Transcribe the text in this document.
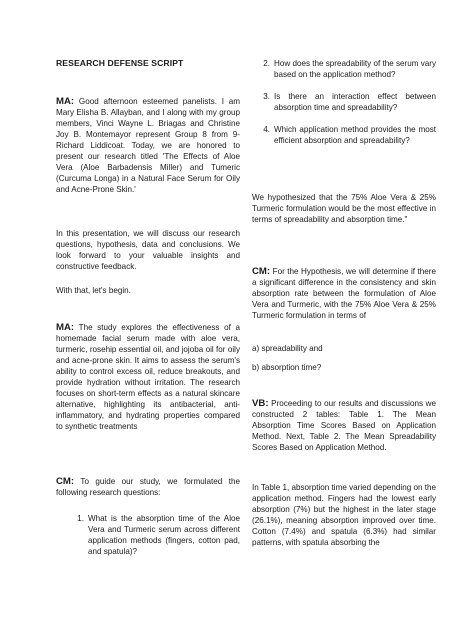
RESEARCH DEFENSE SCRIPT
MA: Good afternoon esteemed panelists. I am Mary Elisha B. Allayban, and I along with my group members, Vinci Wayne L. Briagas and Christine Joy B. Montemayor represent Group 8 from 9-Richard Liddicoat. Today, we are honored to present our research titled 'The Effects of Aloe Vera (Aloe Barbadensis Miller) and Tumeric (Curcuma Longa) in a Natural Face Serum for Oily and Acne-Prone Skin.'
In this presentation, we will discuss our research questions, hypothesis, data and conclusions. We look forward to your valuable insights and constructive feedback.
With that, let's begin.
MA: The study explores the effectiveness of a homemade facial serum made with aloe vera, turmeric, rosehip essential oil, and jojoba oil for oily and acne-prone skin. It aims to assess the serum's ability to control excess oil, reduce breakouts, and provide hydration without irritation. The research focuses on short-term effects as a natural skincare alternative, highlighting its antibacterial, anti-inflammatory, and hydrating properties compared to synthetic treatments
CM: To guide our study, we formulated the following research questions:
1. What is the absorption time of the Aloe Vera and Turmeric serum across different application methods (fingers, cotton pad, and spatula)?
2. How does the spreadability of the serum vary based on the application method?
3. Is there an interaction effect between absorption time and spreadability?
4. Which application method provides the most efficient absorption and spreadability?
We hypothesized that the 75% Aloe Vera & 25% Turmeric formulation would be the most effective in terms of spreadability and absorption time."
CM: For the Hypothesis, we will determine if there a significant difference in the consistency and skin absorption rate between the formulation of Aloe Vera and Turmeric, with the 75% Aloe Vera & 25% Turmeric formulation in terms of
a) spreadability and
b) absorption time?
VB: Proceeding to our results and discussions we constructed 2 tables: Table 1. The Mean Absorption Time Scores Based on Application Method. Next, Table 2. The Mean Spreadability Scores Based on Application Method.
In Table 1, absorption time varied depending on the application method. Fingers had the lowest early absorption (7%) but the highest in the later stage (26.1%), meaning absorption improved over time. Cotton (7.4%) and spatula (6.3%) had similar patterns, with spatula absorbing the
